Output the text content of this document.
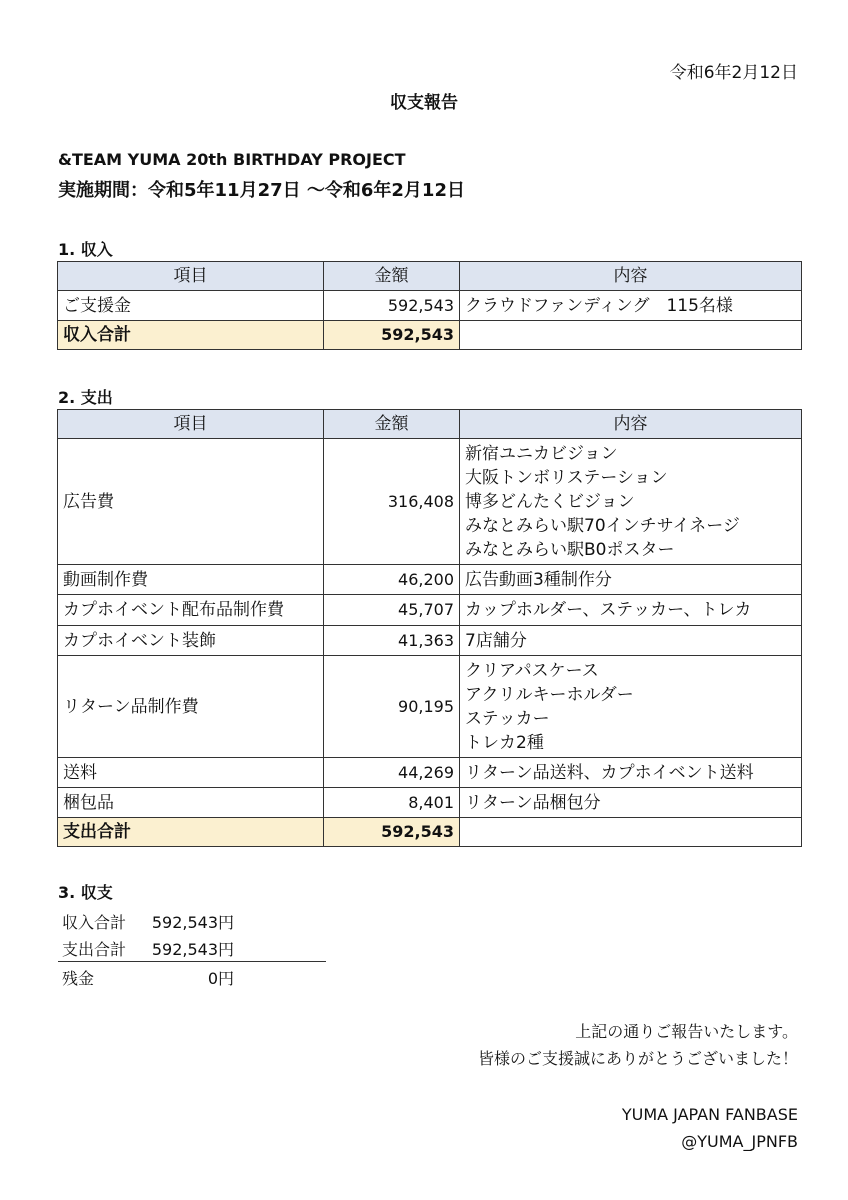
令和6年2月12日
収支報告
&TEAM YUMA 20th BIRTHDAY PROJECT
実施期間：令和5年11月27日 〜令和6年2月12日
1. 収入
項目	金額	内容
ご支援金	592,543	クラウドファンディング　115名様
収入合計	592,543	
2. 支出
項目	金額	内容
広告費	316,408	新宿ユニカビジョン
大阪トンボリステーション
博多どんたくビジョン
みなとみらい駅70インチサイネージ
みなとみらい駅B0ポスター

動画制作費	46,200	広告動画3種制作分

カプホイベント配布品制作費	45,707	カップホルダー、ステッカー、トレカ

カプホイベント装飾	41,363	7店舗分

リターン品制作費	90,195	クリアパスケース
アクリルキーホルダー
ステッカー
トレカ2種

送料	44,269	リターン品送料、カプホイベント送料

梱包品	8,401	リターン品梱包分

支出合計	592,543	
3. 収支
収入合計 592,543円
支出合計 592,543円
残金	0円
上記の通りご報告いたします。
皆様のご支援誠にありがとうございました！
YUMA JAPAN FANBASE
@YUMA_JPNFB
